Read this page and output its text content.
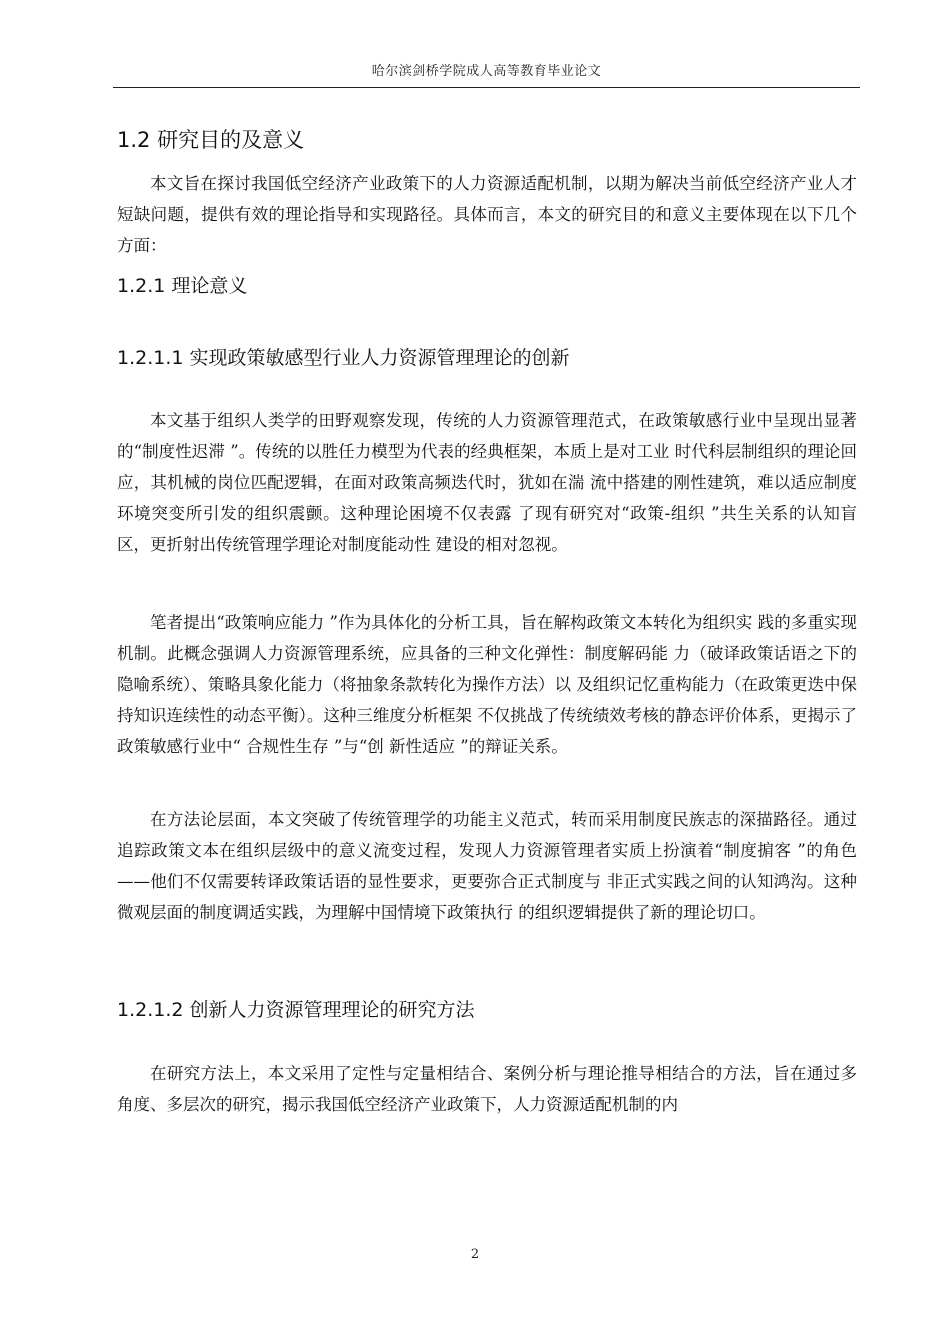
哈尔滨剑桥学院成人高等教育毕业论文
1.2 研究目的及意义
本文旨在探讨我国低空经济产业政策下的人力资源适配机制，以期为解决当前低空经济产业人才短缺问题，提供有效的理论指导和实现路径。具体而言，本文的研究目的和意义主要体现在以下几个方面：
1.2.1 理论意义
1.2.1.1 实现政策敏感型行业人力资源管理理论的创新
本文基于组织人类学的田野观察发现，传统的人力资源管理范式，在政策敏感行业中呈现出显著的“制度性迟滞 ”。传统的以胜任力模型为代表的经典框架，本质上是对工业 时代科层制组织的理论回应，其机械的岗位匹配逻辑，在面对政策高频迭代时，犹如在湍 流中搭建的刚性建筑，难以适应制度环境突变所引发的组织震颤。这种理论困境不仅表露 了现有研究对“政策-组织 ”共生关系的认知盲区，更折射出传统管理学理论对制度能动性 建设的相对忽视。
笔者提出“政策响应能力 ”作为具体化的分析工具，旨在解构政策文本转化为组织实 践的多重实现机制。此概念强调人力资源管理系统，应具备的三种文化弹性：制度解码能 力（破译政策话语之下的隐喻系统）、策略具象化能力（将抽象条款转化为操作方法）以 及组织记忆重构能力（在政策更迭中保持知识连续性的动态平衡）。这种三维度分析框架 不仅挑战了传统绩效考核的静态评价体系，更揭示了政策敏感行业中“ 合规性生存 ”与“创 新性适应 ”的辩证关系。
在方法论层面，本文突破了传统管理学的功能主义范式，转而采用制度民族志的深描路径。通过追踪政策文本在组织层级中的意义流变过程，发现人力资源管理者实质上扮演着“制度掮客 ”的角色——他们不仅需要转译政策话语的显性要求，更要弥合正式制度与 非正式实践之间的认知鸿沟。这种微观层面的制度调适实践，为理解中国情境下政策执行 的组织逻辑提供了新的理论切口。
1.2.1.2 创新人力资源管理理论的研究方法
在研究方法上，本文采用了定性与定量相结合、案例分析与理论推导相结合的方法，旨在通过多角度、多层次的研究，揭示我国低空经济产业政策下，人力资源适配机制的内
2
